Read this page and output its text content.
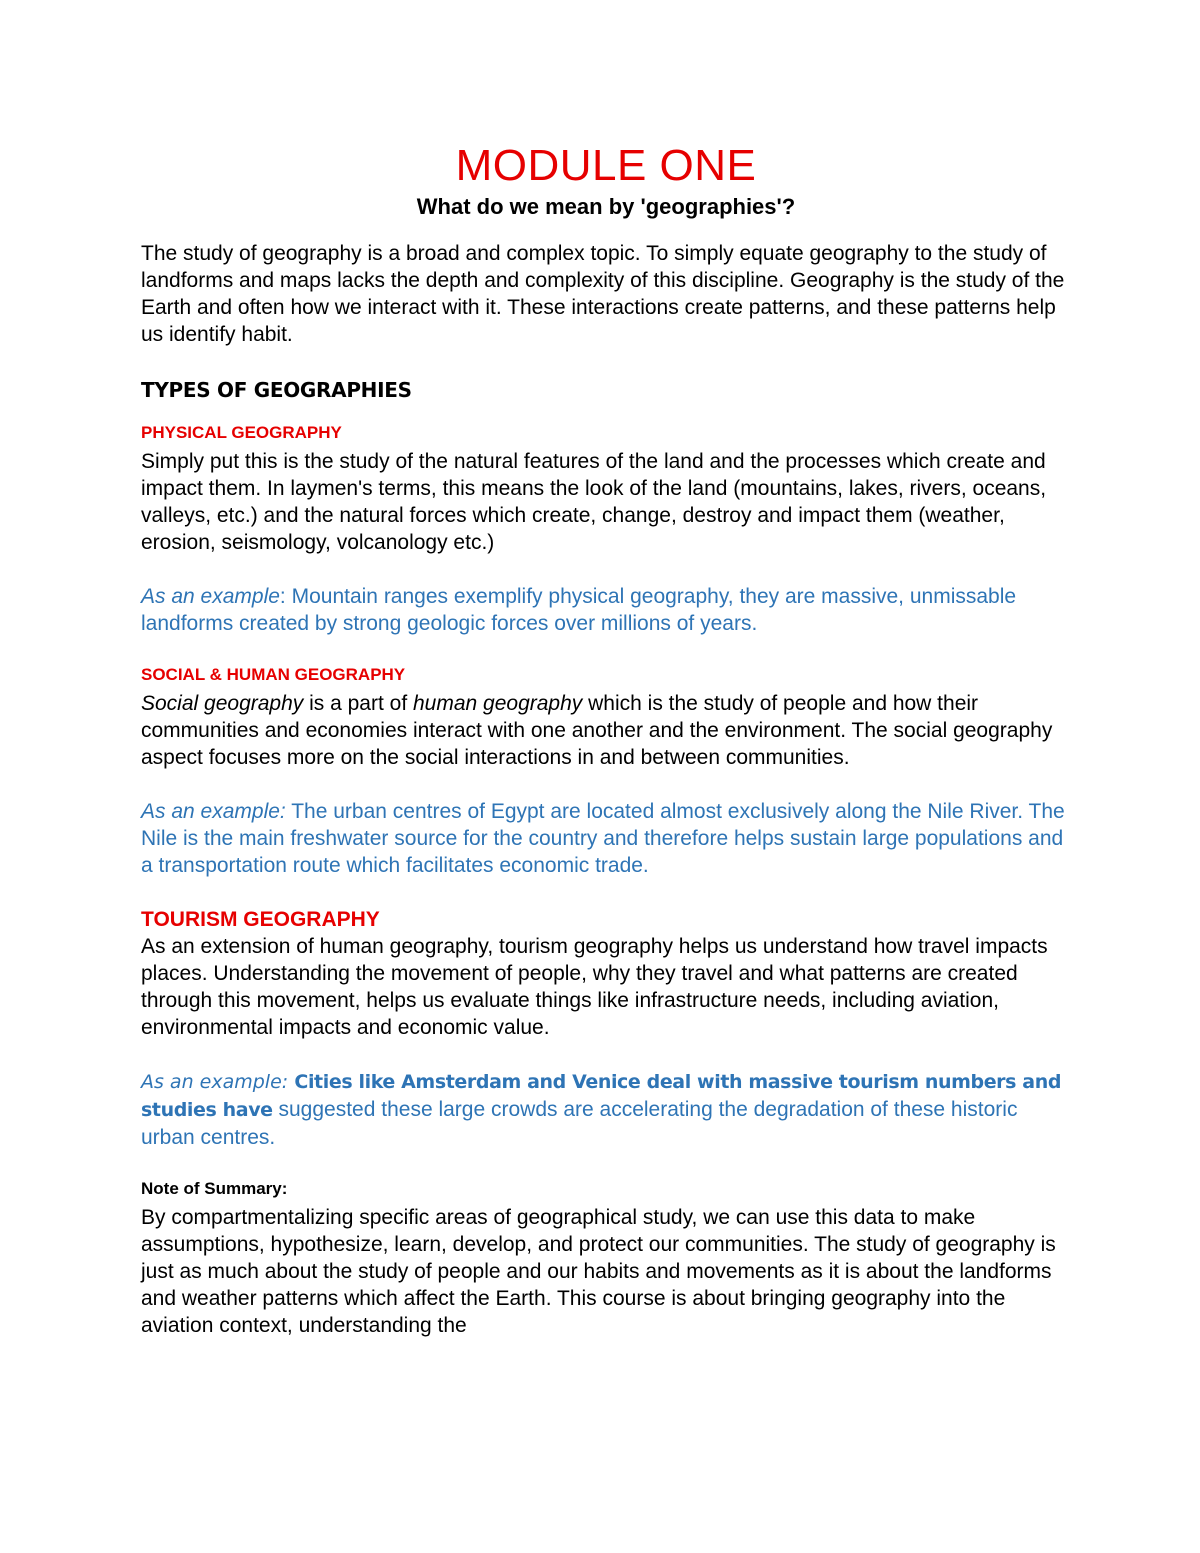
MODULE ONE
What do we mean by 'geographies'?

The study of geography is a broad and complex topic. To simply equate geography to the study of landforms and maps lacks the depth and complexity of this discipline. Geography is the study of the Earth and often how we interact with it. These interactions create patterns, and these patterns help us identify habit.

TYPES OF GEOGRAPHIES
PHYSICAL GEOGRAPHY

Simply put this is the study of the natural features of the land and the processes which create and impact them. In laymen's terms, this means the look of the land (mountains, lakes, rivers, oceans, valleys, etc.) and the natural forces which create, change, destroy and impact them (weather, erosion, seismology, volcanology etc.)

As an example: Mountain ranges exemplify physical geography, they are massive, unmissable landforms created by strong geologic forces over millions of years.

SOCIAL & HUMAN GEOGRAPHY

Social geography is a part of human geography which is the study of people and how their communities and economies interact with one another and the environment. The social geography aspect focuses more on the social interactions in and between communities.

As an example: The urban centres of Egypt are located almost exclusively along the Nile River. The Nile is the main freshwater source for the country and therefore helps sustain large populations and a transportation route which facilitates economic trade.

TOURISM GEOGRAPHY

As an extension of human geography, tourism geography helps us understand how travel impacts places. Understanding the movement of people, why they travel and what patterns are created through this movement, helps us evaluate things like infrastructure needs, including aviation, environmental impacts and economic value.

As an example: Cities like Amsterdam and Venice deal with massive tourism numbers and studies have suggested these large crowds are accelerating the degradation of these historic urban centres.

Note of Summary:

By compartmentalizing specific areas of geographical study, we can use this data to make assumptions, hypothesize, learn, develop, and protect our communities. The study of geography is just as much about the study of people and our habits and movements as it is about the landforms and weather patterns which affect the Earth. This course is about bringing geography into the aviation context, understanding the
